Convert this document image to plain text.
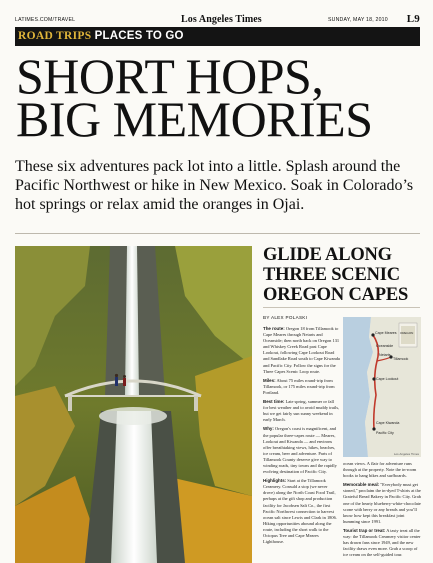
LATIMES.COM/TRAVEL	Los Angeles Times	SUNDAY, MAY 18, 2010 L9
ROAD TRIPS PLACES TO GO
SHORT HOPS,
BIG MEMORIES

These six adventures pack lot into a little. Splash around the Pacific Northwest or hike in New Mexico. Soak in Colorado’s hot springs or relax amid the oranges in Ojai.

GLIDE ALONG
THREE SCENIC
OREGON CAPES
BY ALEX POLASKI

The route: Oregon 18 from Tillamook to Cape Meares through Netarts and Oceanside; then north back on Oregon 131 and Whiskey Creek Road past Cape Lookout, following Cape Lookout Road and Sandlake Road south to Cape Kiwanda and Pacific City. Follow the signs for the Three Capes Scenic Loop route.

Miles: About 75 miles round-trip from Tillamook, or 175 miles round-trip from Portland.

Best time: Late spring, summer or fall for best weather and to avoid muddy trails, but we get fairly sun sunny weekend in early March.

Why: Oregon's coast is magnificent, and the popular three-capes route — Meares, Lookout and Kiwanda — and environs offer breathtaking views, hikes, beaches, ice cream, beer and adventure. Parts of Tillamook County deserve give way to winding roads, tiny towns and the rapidly evolving destination of Pacific City.

Highlights: Start at the Tillamook Creamery. Consuld a stop (we never drove) along the North Coast Food Trail, perhaps at the gift shop and production facility for Jacobsen Salt Co., the first Pacific Northwest connection to harvest ocean salt since Lewis and Clark in 1806. Hiking opportunities abound along the route, including the short walk to the Octopus Tree and Cape Meares Lighthouse.

Cape Meares
Oceanside
Netarts
Tillamook
Cape Lookout
Cape Kiwanda
Pacific City
OREGON
Los Angeles Times

ocean views. A flair for adventure runs through at the property. Note the in-room books to hang bikes and surfboards.

Memorable meal: "Everybody must get stoned," proclaim the in-dyed T-shirts at the Grateful Bread Bakery in Pacific City. Grab one of the hearty blueberry-white-chocolate scone with berry or any breads and you’ll know how kept this breakfast joint humming since 1991.

Tourist trap or treat: A tasty treat all the way: the Tillamook Creamery visitor center has drawn fans since 1949, and the new facility draws even more. Grab a scoop of ice cream on the self-guided tour.
